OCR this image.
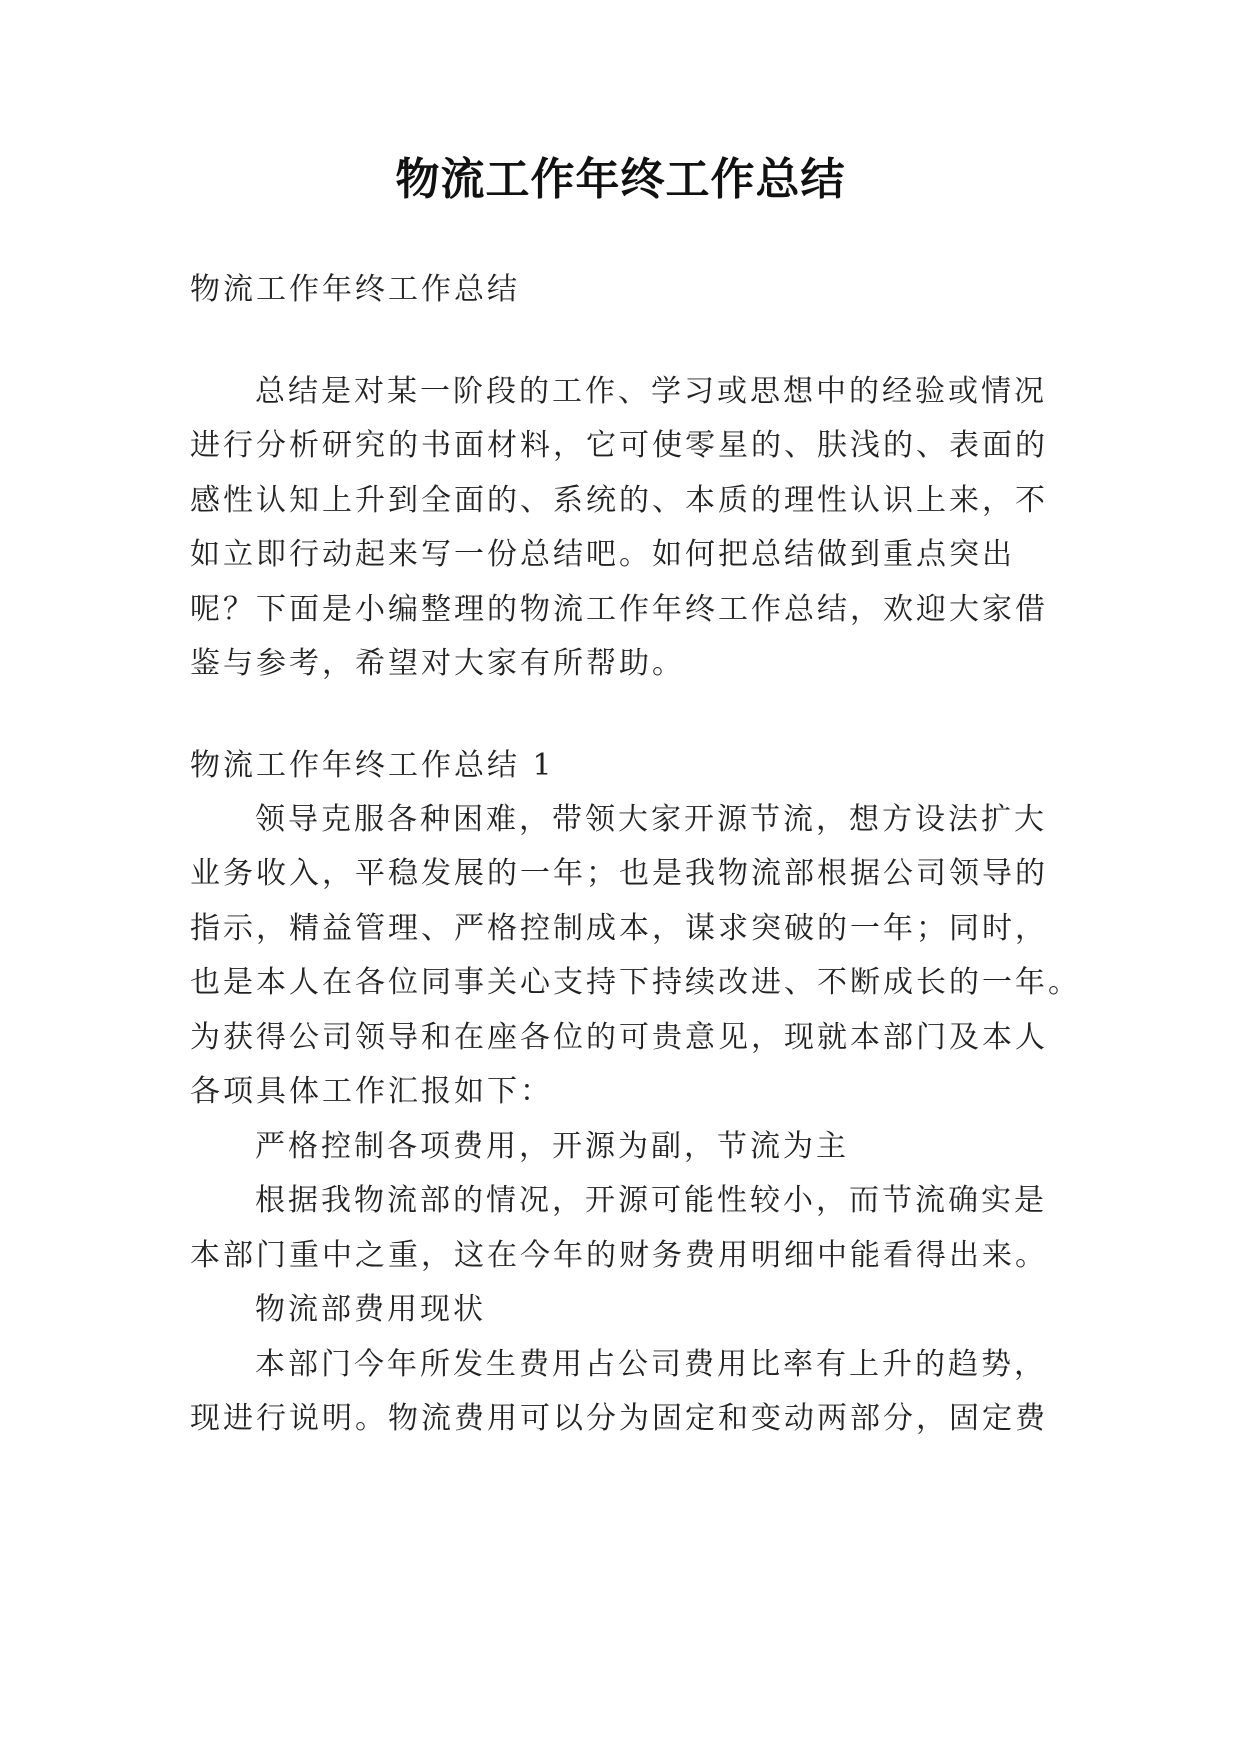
物流工作年终工作总结
物流工作年终工作总结
总结是对某一阶段的工作、学习或思想中的经验或情况
进行分析研究的书面材料，它可使零星的、肤浅的、表面的
感性认知上升到全面的、系统的、本质的理性认识上来，不
如立即行动起来写一份总结吧。如何把总结做到重点突出
呢？下面是小编整理的物流工作年终工作总结，欢迎大家借
鉴与参考，希望对大家有所帮助。
物流工作年终工作总结 1
领导克服各种困难，带领大家开源节流，想方设法扩大
业务收入，平稳发展的一年；也是我物流部根据公司领导的
指示，精益管理、严格控制成本，谋求突破的一年；同时，
也是本人在各位同事关心支持下持续改进、不断成长的一年。
为获得公司领导和在座各位的可贵意见，现就本部门及本人
各项具体工作汇报如下：
严格控制各项费用，开源为副，节流为主
根据我物流部的情况，开源可能性较小，而节流确实是
本部门重中之重，这在今年的财务费用明细中能看得出来。
物流部费用现状
本部门今年所发生费用占公司费用比率有上升的趋势，
现进行说明。物流费用可以分为固定和变动两部分，固定费
